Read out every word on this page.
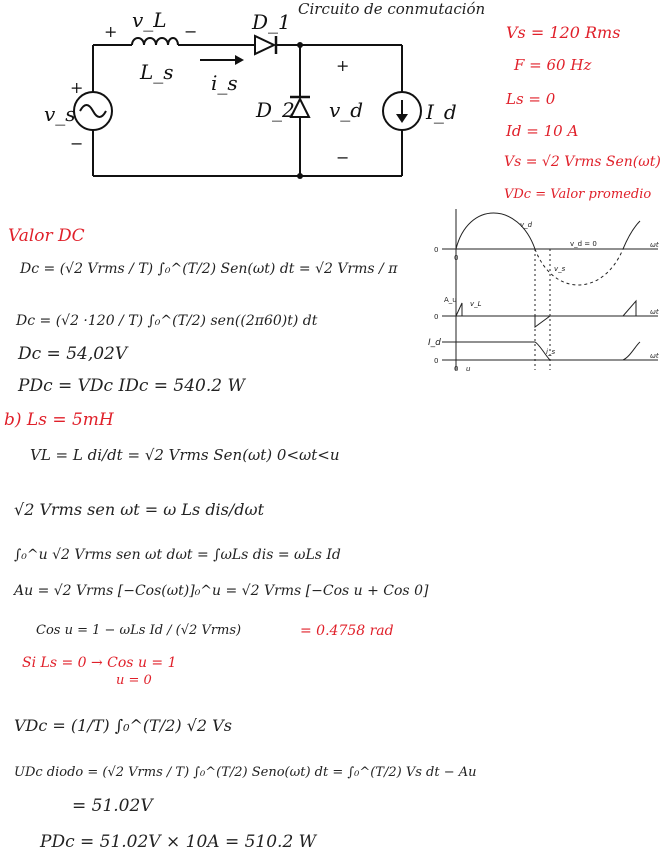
v_L
L_s
D_1
i_s
v_s	D_2 v_d	I_d
+	−
+
−
+
−
Circuito de conmutación
Vs = 120 Rms
F = 60 Hz
Ls = 0
Id = 10 A
Vs = √2 Vrms Sen(ωt)
VDc = Valor promedio
Valor DC
Dc = (√2 Vrms / T) ∫₀^(T/2) Sen(ωt) dt = √2 Vrms / π
Dc = (√2 ·120 / T) ∫₀^(T/2) sen((2π60)t) dt
Dc = 54,02V
PDc = VDc IDc = 540.2 W
b) Ls = 5mH
VL = L di/dt = √2 Vrms Sen(ωt) 0<ωt<u
√2 Vrms sen ωt = ω Ls dis/dωt
∫₀^u √2 Vrms sen ωt dωt = ∫ωLs dis = ωLs Id
Au = √2 Vrms [−Cos(ωt)]₀^u = √2 Vrms [−Cos u + Cos 0]
Cos u = 1 − ωLs Id / (√2 Vrms)	= 0.4758 rad
Si Ls = 0 → Cos u = 1
u = 0
VDc = (1/T) ∫₀^(T/2) √2 Vs
UDc diodo = (√2 Vrms / T) ∫₀^(T/2) Seno(ωt) dt = ∫₀^(T/2) Vs dt − Au
= 51.02V
PDc = 51.02V × 10A = 510.2 W
v_d
v_d = 0
v_s
A_u v_L
i_s
I_d
0
0
0
0
0 u
ωt
ωt
ωt
